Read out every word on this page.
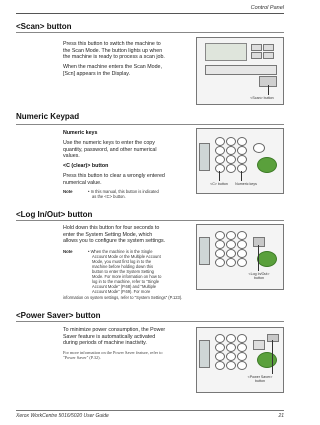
Control Panel
<Scan> button
Press this button to switch the machine to
the Scan Mode. The button lights up when
the machine is ready to process a scan job.
When the machine enters the Scan Mode,
[Scn] appears in the Display.
<Scan> button
Numeric Keypad
Numeric keys
Use the numeric keys to enter the copy
quantity, password, and other numerical
values.
<C (clear)> button
Press this button to clear a wrongly entered
numerical value.
Note	• In this manual, this button is indicated
as the <C> button.
<C> button	Numeric keys
<Log In/Out> button
Hold down this button for four seconds to
enter the System Setting Mode, which
allows you to configure the system settings.
Note	• When the machine is in the Single
Account Mode or the Multiple Account
Mode, you must first log in to the
machine before holding down this
button to enter the System Setting
Mode. For more information on how to
log in to the machine, refer to "Single
Account Mode" (P.68) and "Multiple
Account Mode" (P.69). For more
information on system settings, refer to "System Settings" (P.123).
<Log In/Out>
button
<Power Saver> button
To minimize power consumption, the Power
Saver feature is automatically activated
during periods of machine inactivity.
For more information on the Power Saver feature, refer to
"Power Saver" (P.32).
<Power Saver>
button
Xerox WorkCentre 5016/5020 User Guide	21
